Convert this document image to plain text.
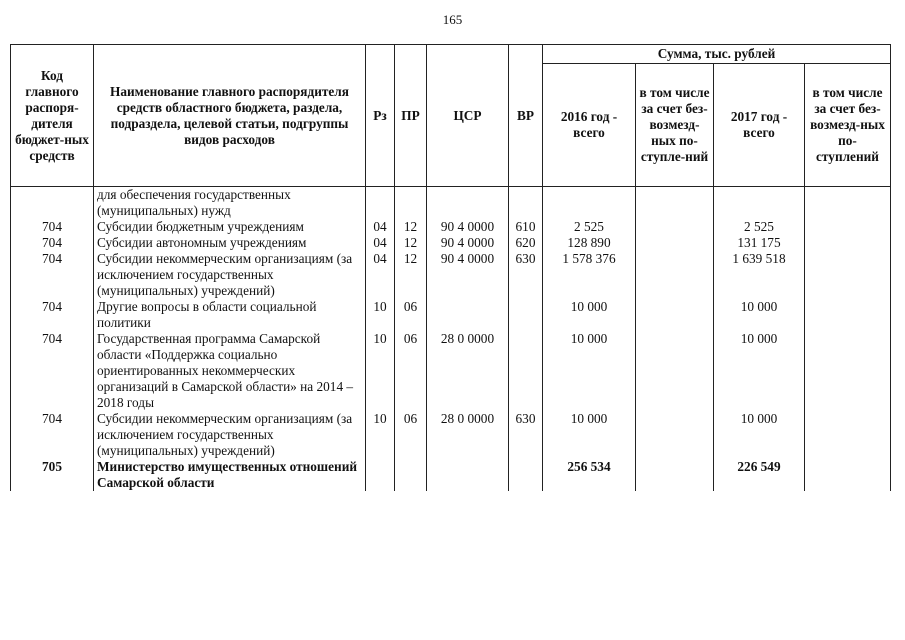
165
Код главного распоря-дителя бюджет-ных средств	Наименование главного распорядителя средств областного бюджета, раздела, подраздела, целевой статьи, подгруппы видов расходов	Рз	ПР	ЦСР	ВР	Сумма, тыс. рублей			
						2016 год - всего	в том числе за счет без-возмезд-ных по-ступле-ний	2017 год - всего	в том числе за счет без-возмезд-ных по-ступлений
	для обеспечения государственных (муниципальных) нужд								
704	Субсидии бюджетным учреждениям	04	12	90 4 0000	610	2 525		2 525	
704	Субсидии автономным учреждениям	04	12	90 4 0000	620	128 890		131 175	
704	Субсидии некоммерческим организациям (за исключением государственных (муниципальных) учреждений)	04	12	90 4 0000	630	1 578 376		1 639 518	
704	Другие вопросы в области социальной политики	10	06			10 000		10 000	
704	Государственная программа Самарской области «Поддержка социально ориентированных некоммерческих организаций в Самарской области» на 2014 – 2018 годы	10	06	28 0 0000		10 000		10 000	
704	Субсидии некоммерческим организациям (за исключением государственных (муниципальных) учреждений)	10	06	28 0 0000	630	10 000		10 000	
705	Министерство имущественных отношений Самарской области					256 534		226 549	
